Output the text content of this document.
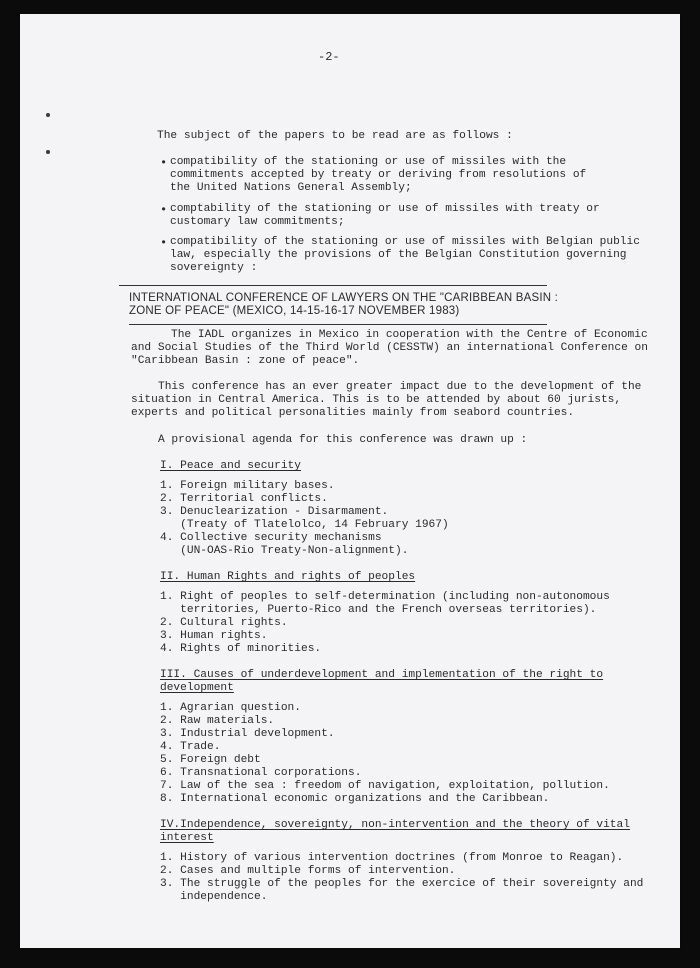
-2-
The subject of the papers to be read are as follows :
• compatibility of the stationing or use of missiles with the
commitments accepted by treaty or deriving from resolutions of
the United Nations General Assembly;
• comptability of the stationing or use of missiles with treaty or
customary law commitments;
• compatibility of the stationing or use of missiles with Belgian public
law, especially the provisions of the Belgian Constitution governing
sovereignty :
INTERNATIONAL CONFERENCE OF LAWYERS ON THE "CARIBBEAN BASIN :
ZONE OF PEACE" (MEXICO, 14-15-16-17 NOVEMBER 1983)
The IADL organizes in Mexico in cooperation with the Centre of Economic
and Social Studies of the Third World (CESSTW) an international Conference on
"Caribbean Basin : zone of peace".
This conference has an ever greater impact due to the development of the
situation in Central America. This is to be attended by about 60 jurists,
experts and political personalities mainly from seabord countries.
A provisional agenda for this conference was drawn up :
I. Peace and security
1. Foreign military bases.
2. Territorial conflicts.
3. Denuclearization - Disarmament.
(Treaty of Tlatelolco, 14 February 1967)
4. Collective security mechanisms
(UN-OAS-Rio Treaty-Non-alignment).
II. Human Rights and rights of peoples
1. Right of peoples to self-determination (including non-autonomous
territories, Puerto-Rico and the French overseas territories).
2. Cultural rights.
3. Human rights.
4. Rights of minorities.
III. Causes of underdevelopment and implementation of the right to
development
1. Agrarian question.
2. Raw materials.
3. Industrial development.
4. Trade.
5. Foreign debt
6. Transnational corporations.
7. Law of the sea : freedom of navigation, exploitation, pollution.
8. International economic organizations and the Caribbean.
IV.Independence, sovereignty, non-intervention and the theory of vital
interest
1. History of various intervention doctrines (from Monroe to Reagan).
2. Cases and multiple forms of intervention.
3. The struggle of the peoples for the exercice of their sovereignty and
independence.
